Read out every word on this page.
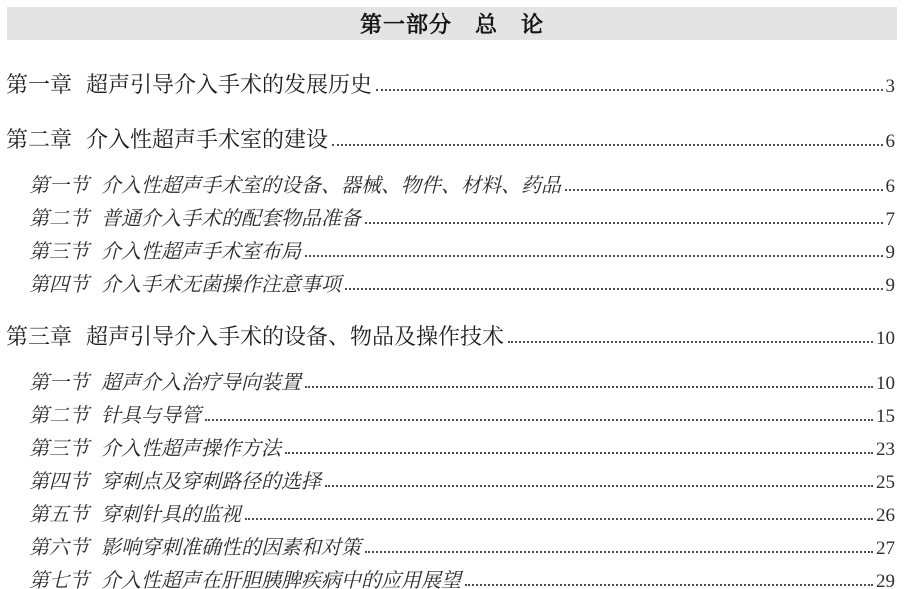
第一部分　总　论
第一章 超声引导介入手术的发展历史	3
第二章 介入性超声手术室的建设	6
第一节 介入性超声手术室的设备、器械、物件、材料、药品	6
第二节 普通介入手术的配套物品准备	7
第三节 介入性超声手术室布局	9
第四节 介入手术无菌操作注意事项	9
第三章 超声引导介入手术的设备、物品及操作技术	10
第一节 超声介入治疗导向装置	10
第二节 针具与导管	15
第三节 介入性超声操作方法	23
第四节 穿刺点及穿刺路径的选择	25
第五节 穿刺针具的监视	26
第六节 影响穿刺准确性的因素和对策	27
第七节 介入性超声在肝胆胰脾疾病中的应用展望	29
